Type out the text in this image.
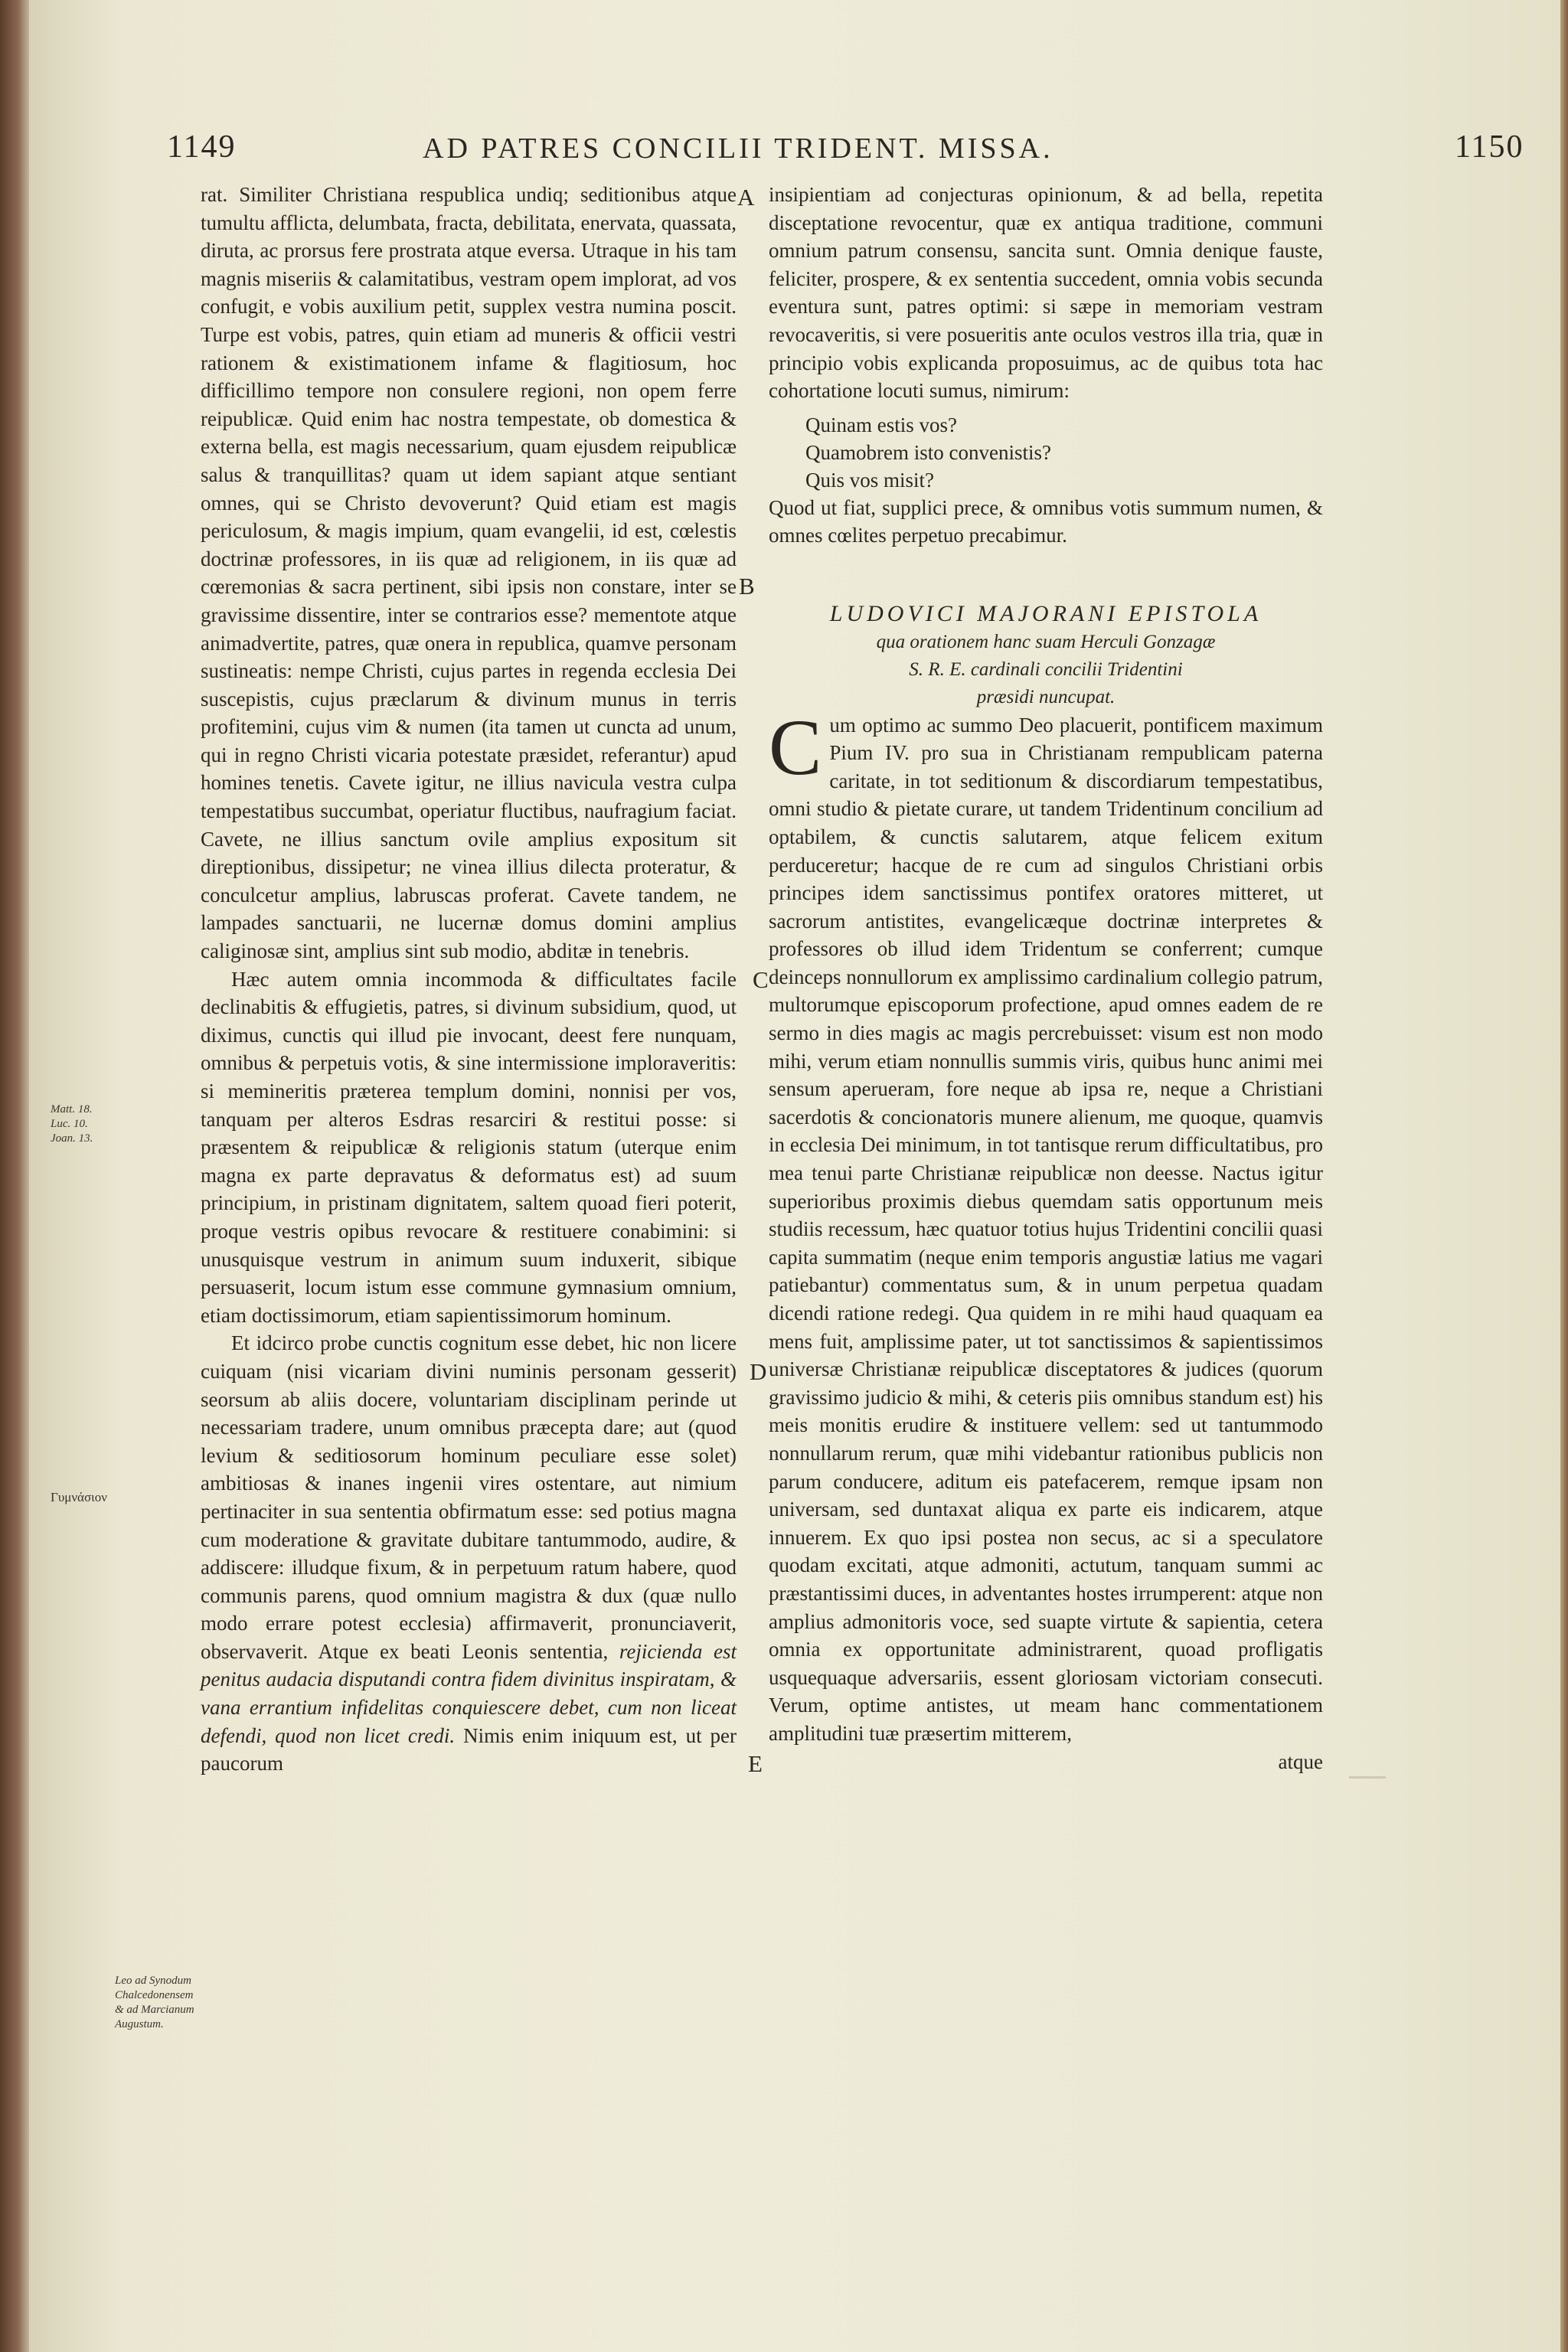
1149	AD PATRES CONCILII TRIDENT. MISSA.	1150
A
B
C
D
E
Matt. 18. Luc. 10. Joan. 13.
Γυμνάσιον
Leo ad Synodum Chalcedonensem & ad Marcianum Augustum.

rat. Similiter Christiana respublica undiq; seditionibus atque tumultu afflicta, delumbata, fracta, debilitata, enervata, quassata, diruta, ac prorsus fere prostrata atque eversa. Utraque in his tam magnis miseriis & calamitatibus, vestram opem implorat, ad vos confugit, e vobis auxilium petit, supplex vestra numina poscit. Turpe est vobis, patres, quin etiam ad muneris & officii vestri rationem & existimationem infame & flagitiosum, hoc difficillimo tempore non consulere regioni, non opem ferre reipublicæ. Quid enim hac nostra tempestate, ob domestica & externa bella, est magis necessarium, quam ejusdem reipublicæ salus & tranquillitas? quam ut idem sapiant atque sentiant omnes, qui se Christo devoverunt? Quid etiam est magis periculosum, & magis impium, quam evangelii, id est, cœlestis doctrinæ professores, in iis quæ ad religionem, in iis quæ ad cœremonias & sacra pertinent, sibi ipsis non constare, inter se gravissime dissentire, inter se contrarios esse? mementote atque animadvertite, patres, quæ onera in republica, quamve personam sustineatis: nempe Christi, cujus partes in regenda ecclesia Dei suscepistis, cujus præclarum & divinum munus in terris profitemini, cujus vim & numen (ita tamen ut cuncta ad unum, qui in regno Christi vicaria potestate præsidet, referantur) apud homines tenetis. Cavete igitur, ne illius navicula vestra culpa tempestatibus succumbat, operiatur fluctibus, naufragium faciat. Cavete, ne illius sanctum ovile amplius expositum sit direptionibus, dissipetur; ne vinea illius dilecta proteratur, & conculcetur amplius, labruscas proferat. Cavete tandem, ne lampades sanctuarii, ne lucernæ domus domini amplius caliginosæ sint, amplius sint sub modio, abditæ in tenebris.

Hæc autem omnia incommoda & difficultates facile declinabitis & effugietis, patres, si divinum subsidium, quod, ut diximus, cunctis qui illud pie invocant, deest fere nunquam, omnibus & perpetuis votis, & sine intermissione imploraveritis: si memineritis præterea templum domini, nonnisi per vos, tanquam per alteros Esdras resarciri & restitui posse: si præsentem & reipublicæ & religionis statum (uterque enim magna ex parte depravatus & deformatus est) ad suum principium, in pristinam dignitatem, saltem quoad fieri poterit, proque vestris opibus revocare & restituere conabimini: si unusquisque vestrum in animum suum induxerit, sibique persuaserit, locum istum esse commune gymnasium omnium, etiam doctissimorum, etiam sapientissimorum hominum.

Et idcirco probe cunctis cognitum esse debet, hic non licere cuiquam (nisi vicariam divini numinis personam gesserit) seorsum ab aliis docere, voluntariam disciplinam perinde ut necessariam tradere, unum omnibus præcepta dare; aut (quod levium & seditiosorum hominum peculiare esse solet) ambitiosas & inanes ingenii vires ostentare, aut nimium pertinaciter in sua sententia obfirmatum esse: sed potius magna cum moderatione & gravitate dubitare tantummodo, audire, & addiscere: illudque fixum, & in perpetuum ratum habere, quod communis parens, quod omnium magistra & dux (quæ nullo modo errare potest ecclesia) affirmaverit, pronunciaverit, observaverit. Atque ex beati Leonis sententia, rejicienda est penitus audacia disputandi contra fidem divinitus inspiratam, & vana errantium infidelitas conquiescere debet, cum non liceat defendi, quod non licet credi. Nimis enim iniquum est, ut per paucorum

insipientiam ad conjecturas opinionum, & ad bella, repetita disceptatione revocentur, quæ ex antiqua traditione, communi omnium patrum consensu, sancita sunt. Omnia denique fauste, feliciter, prospere, & ex sententia succedent, omnia vobis secunda eventura sunt, patres optimi: si sæpe in memoriam vestram revocaveritis, si vere posueritis ante oculos vestros illa tria, quæ in principio vobis explicanda proposuimus, ac de quibus tota hac cohortatione locuti sumus, nimirum:

Quinam estis vos?
Quamobrem isto convenistis?
Quis vos misit?

Quod ut fiat, supplici prece, & omnibus votis summum numen, & omnes cœlites perpetuo precabimur.

LUDOVICI MAJORANI EPISTOLA
qua orationem hanc suam Herculi Gonzagæ
S. R. E. cardinali concilii Tridentini
præsidi nuncupat.

Cum optimo ac summo Deo placuerit, pontificem maximum Pium IV. pro sua in Christianam rempublicam paterna caritate, in tot seditionum & discordiarum tempestatibus, omni studio & pietate curare, ut tandem Tridentinum concilium ad optabilem, & cunctis salutarem, atque felicem exitum perduceretur; hacque de re cum ad singulos Christiani orbis principes idem sanctissimus pontifex oratores mitteret, ut sacrorum antistites, evangelicæque doctrinæ interpretes & professores ob illud idem Tridentum se conferrent; cumque deinceps nonnullorum ex amplissimo cardinalium collegio patrum, multorumque episcoporum profectione, apud omnes eadem de re sermo in dies magis ac magis percrebuisset: visum est non modo mihi, verum etiam nonnullis summis viris, quibus hunc animi mei sensum aperueram, fore neque ab ipsa re, neque a Christiani sacerdotis & concionatoris munere alienum, me quoque, quamvis in ecclesia Dei minimum, in tot tantisque rerum difficultatibus, pro mea tenui parte Christianæ reipublicæ non deesse. Nactus igitur superioribus proximis diebus quemdam satis opportunum meis studiis recessum, hæc quatuor totius hujus Tridentini concilii quasi capita summatim (neque enim temporis angustiæ latius me vagari patiebantur) commentatus sum, & in unum perpetua quadam dicendi ratione redegi. Qua quidem in re mihi haud quaquam ea mens fuit, amplissime pater, ut tot sanctissimos & sapientissimos universæ Christianæ reipublicæ disceptatores & judices (quorum gravissimo judicio & mihi, & ceteris piis omnibus standum est) his meis monitis erudire & instituere vellem: sed ut tantummodo nonnullarum rerum, quæ mihi videbantur rationibus publicis non parum conducere, aditum eis patefacerem, remque ipsam non universam, sed duntaxat aliqua ex parte eis indicarem, atque innuerem. Ex quo ipsi postea non secus, ac si a speculatore quodam excitati, atque admoniti, actutum, tanquam summi ac præstantissimi duces, in adventantes hostes irrumperent: atque non amplius admonitoris voce, sed suapte virtute & sapientia, cetera omnia ex opportunitate administrarent, quoad profligatis usquequaque adversariis, essent gloriosam victoriam consecuti. Verum, optime antistes, ut meam hanc commentationem amplitudini tuæ præsertim mitterem,

atque
